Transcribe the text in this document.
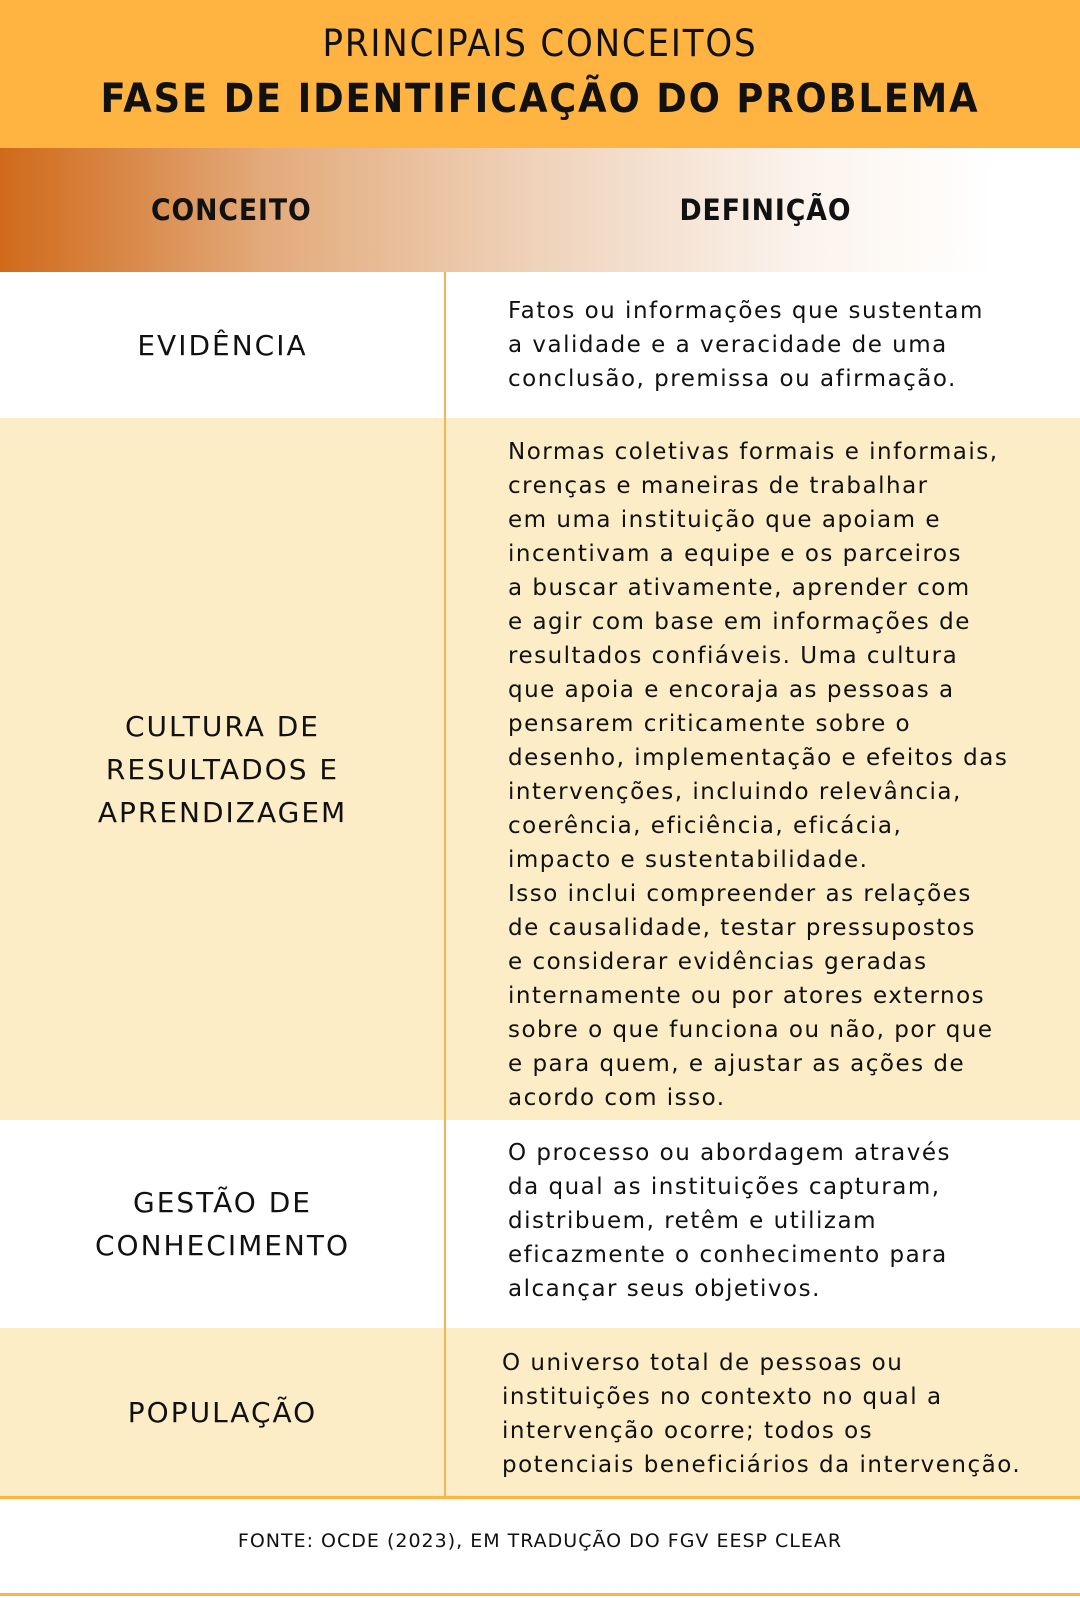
PRINCIPAIS CONCEITOS
FASE DE IDENTIFICAÇÃO DO PROBLEMA
CONCEITO	DEFINIÇÃO
EVIDÊNCIA
Fatos ou informações que sustentam
a validade e a veracidade de uma
conclusão, premissa ou afirmação.
CULTURA DE
RESULTADOS E
APRENDIZAGEM
Normas coletivas formais e informais,
crenças e maneiras de trabalhar
em uma instituição que apoiam e
incentivam a equipe e os parceiros
a buscar ativamente, aprender com
e agir com base em informações de
resultados confiáveis. Uma cultura
que apoia e encoraja as pessoas a
pensarem criticamente sobre o
desenho, implementação e efeitos das
intervenções, incluindo relevância,
coerência, eficiência, eficácia,
impacto e sustentabilidade.
Isso inclui compreender as relações
de causalidade, testar pressupostos
e considerar evidências geradas
internamente ou por atores externos
sobre o que funciona ou não, por que
e para quem, e ajustar as ações de
acordo com isso.
GESTÃO DE
CONHECIMENTO
O processo ou abordagem através
da qual as instituições capturam,
distribuem, retêm e utilizam
eficazmente o conhecimento para
alcançar seus objetivos.
POPULAÇÃO
O universo total de pessoas ou
instituições no contexto no qual a
intervenção ocorre; todos os
potenciais beneficiários da intervenção.
FONTE: OCDE (2023), EM TRADUÇÃO DO FGV EESP CLEAR
